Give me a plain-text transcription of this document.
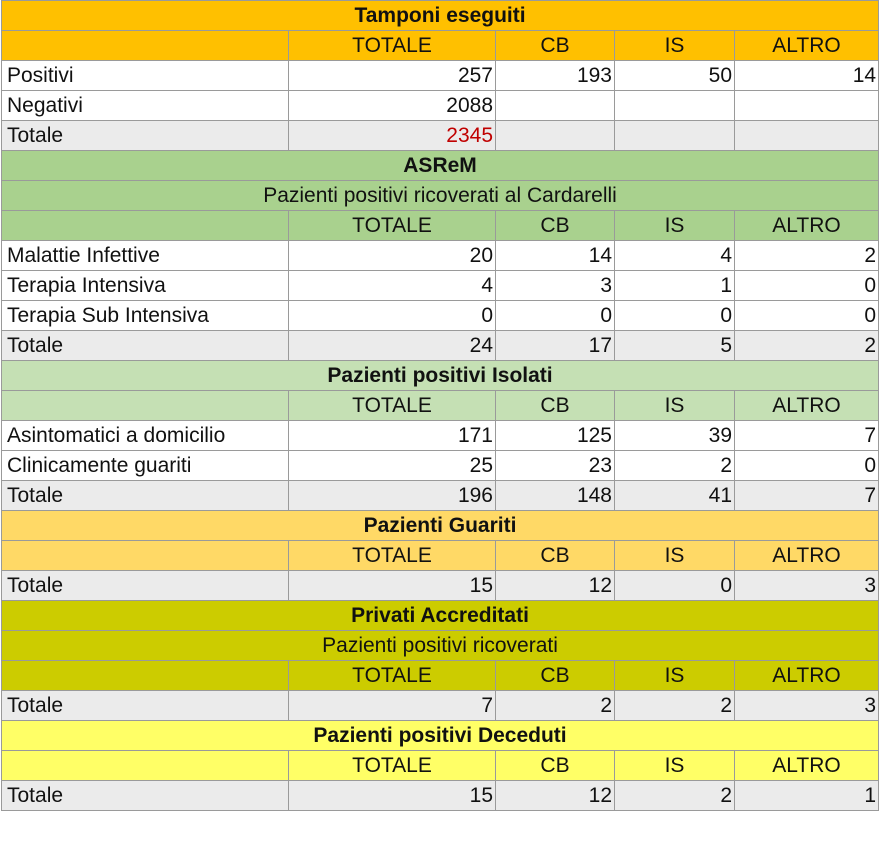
Tamponi eseguiti				
	TOTALE	CB	IS	ALTRO
Positivi	257	193	50	14
Negativi	2088			
Totale	2345			
ASReM				
Pazienti positivi ricoverati al Cardarelli				
	TOTALE	CB	IS	ALTRO
Malattie Infettive	20	14	4	2
Terapia Intensiva	4	3	1	0
Terapia Sub Intensiva	0	0	0	0
Totale	24	17	5	2
Pazienti positivi Isolati				
	TOTALE	CB	IS	ALTRO
Asintomatici a domicilio	171	125	39	7
Clinicamente guariti	25	23	2	0
Totale	196	148	41	7
Pazienti Guariti				
	TOTALE	CB	IS	ALTRO
Totale	15	12	0	3
Privati Accreditati				
Pazienti positivi ricoverati				
	TOTALE	CB	IS	ALTRO
Totale	7	2	2	3
Pazienti positivi Deceduti				
	TOTALE	CB	IS	ALTRO
Totale	15	12	2	1
